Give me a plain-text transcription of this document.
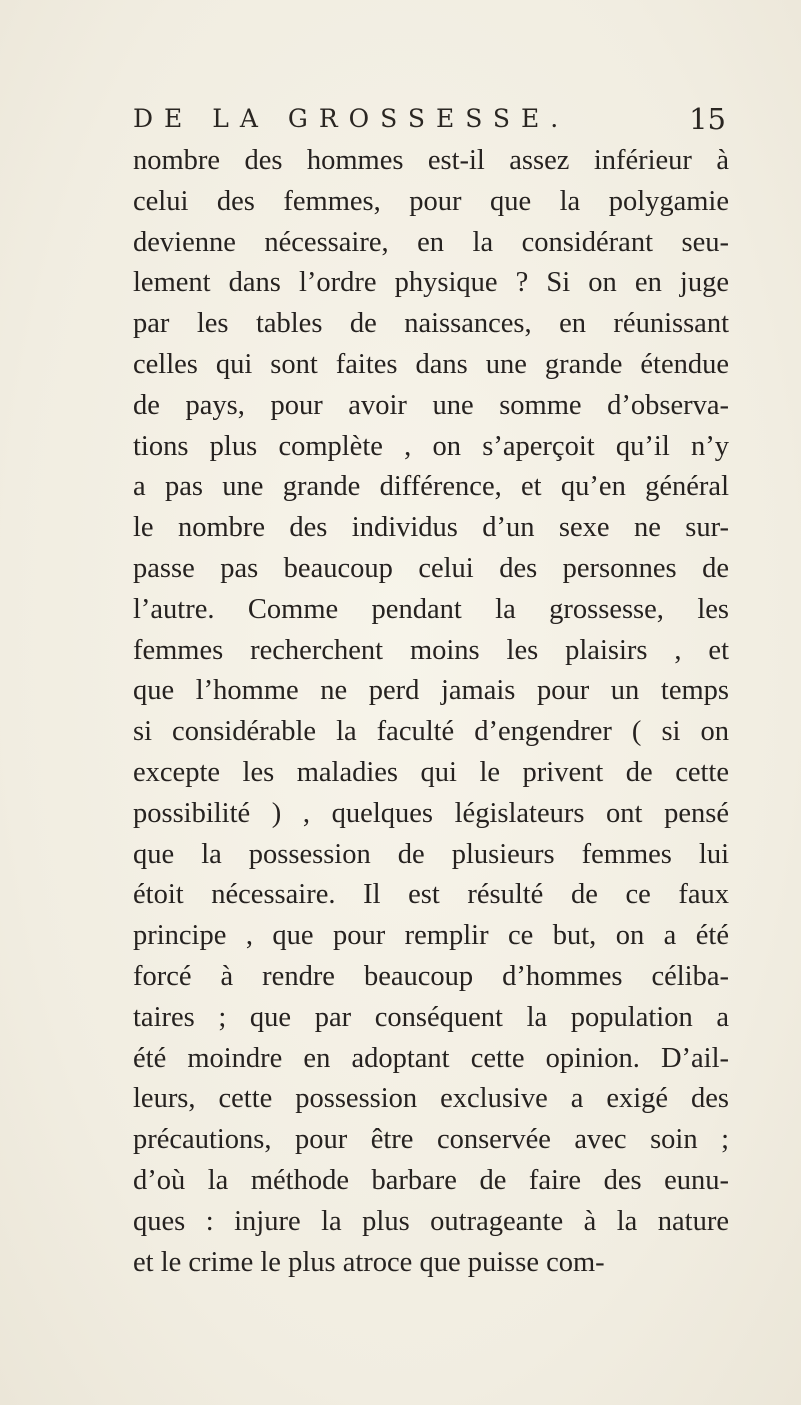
DE LA GROSSESSE.	15
nombre des hommes est-il assez inférieur à
celui des femmes, pour que la polygamie
devienne nécessaire, en la considérant seu-
lement dans l’ordre physique ? Si on en juge
par les tables de naissances, en réunissant
celles qui sont faites dans une grande étendue
de pays, pour avoir une somme d’observa-
tions plus complète , on s’aperçoit qu’il n’y
a pas une grande différence, et qu’en général
le nombre des individus d’un sexe ne sur-
passe pas beaucoup celui des personnes de
l’autre. Comme pendant la grossesse, les
femmes recherchent moins les plaisirs , et
que l’homme ne perd jamais pour un temps
si considérable la faculté d’engendrer ( si on
excepte les maladies qui le privent de cette
possibilité ) , quelques législateurs ont pensé
que la possession de plusieurs femmes lui
étoit nécessaire. Il est résulté de ce faux
principe , que pour remplir ce but, on a été
forcé à rendre beaucoup d’hommes céliba-
taires ; que par conséquent la population a
été moindre en adoptant cette opinion. D’ail-
leurs, cette possession exclusive a exigé des
précautions, pour être conservée avec soin ;
d’où la méthode barbare de faire des eunu-
ques : injure la plus outrageante à la nature
et le crime le plus atroce que puisse com-
